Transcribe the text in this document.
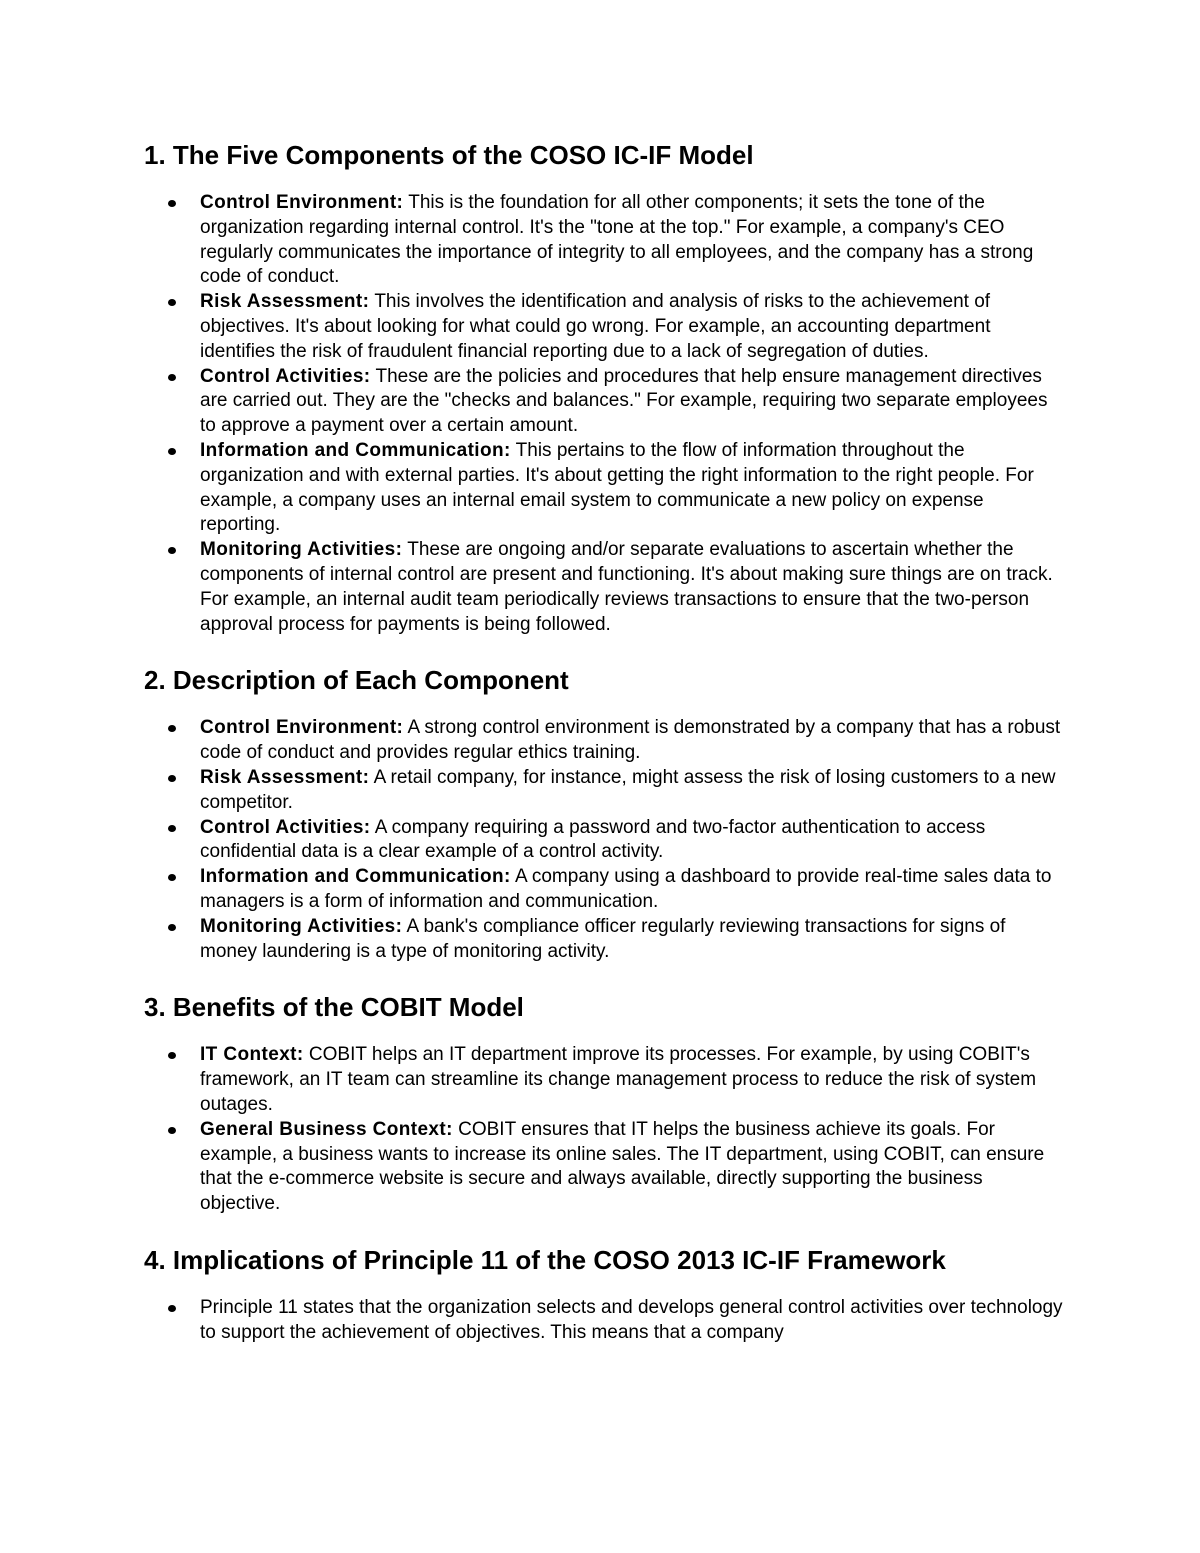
1. The Five Components of the COSO IC-IF Model
Control Environment: This is the foundation for all other components; it sets the tone of the organization regarding internal control. It's the "tone at the top." For example, a company's CEO regularly communicates the importance of integrity to all employees, and the company has a strong code of conduct.
Risk Assessment: This involves the identification and analysis of risks to the achievement of objectives. It's about looking for what could go wrong. For example, an accounting department identifies the risk of fraudulent financial reporting due to a lack of segregation of duties.
Control Activities: These are the policies and procedures that help ensure management directives are carried out. They are the "checks and balances." For example, requiring two separate employees to approve a payment over a certain amount.
Information and Communication: This pertains to the flow of information throughout the organization and with external parties. It's about getting the right information to the right people. For example, a company uses an internal email system to communicate a new policy on expense reporting.
Monitoring Activities: These are ongoing and/or separate evaluations to ascertain whether the components of internal control are present and functioning. It's about making sure things are on track. For example, an internal audit team periodically reviews transactions to ensure that the two-person approval process for payments is being followed.
2. Description of Each Component
Control Environment: A strong control environment is demonstrated by a company that has a robust code of conduct and provides regular ethics training.
Risk Assessment: A retail company, for instance, might assess the risk of losing customers to a new competitor.
Control Activities: A company requiring a password and two-factor authentication to access confidential data is a clear example of a control activity.
Information and Communication: A company using a dashboard to provide real-time sales data to managers is a form of information and communication.
Monitoring Activities: A bank's compliance officer regularly reviewing transactions for signs of money laundering is a type of monitoring activity.
3. Benefits of the COBIT Model
IT Context: COBIT helps an IT department improve its processes. For example, by using COBIT's framework, an IT team can streamline its change management process to reduce the risk of system outages.
General Business Context: COBIT ensures that IT helps the business achieve its goals. For example, a business wants to increase its online sales. The IT department, using COBIT, can ensure that the e-commerce website is secure and always available, directly supporting the business objective.
4. Implications of Principle 11 of the COSO 2013 IC-IF Framework
Principle 11 states that the organization selects and develops general control activities over technology to support the achievement of objectives. This means that a company
